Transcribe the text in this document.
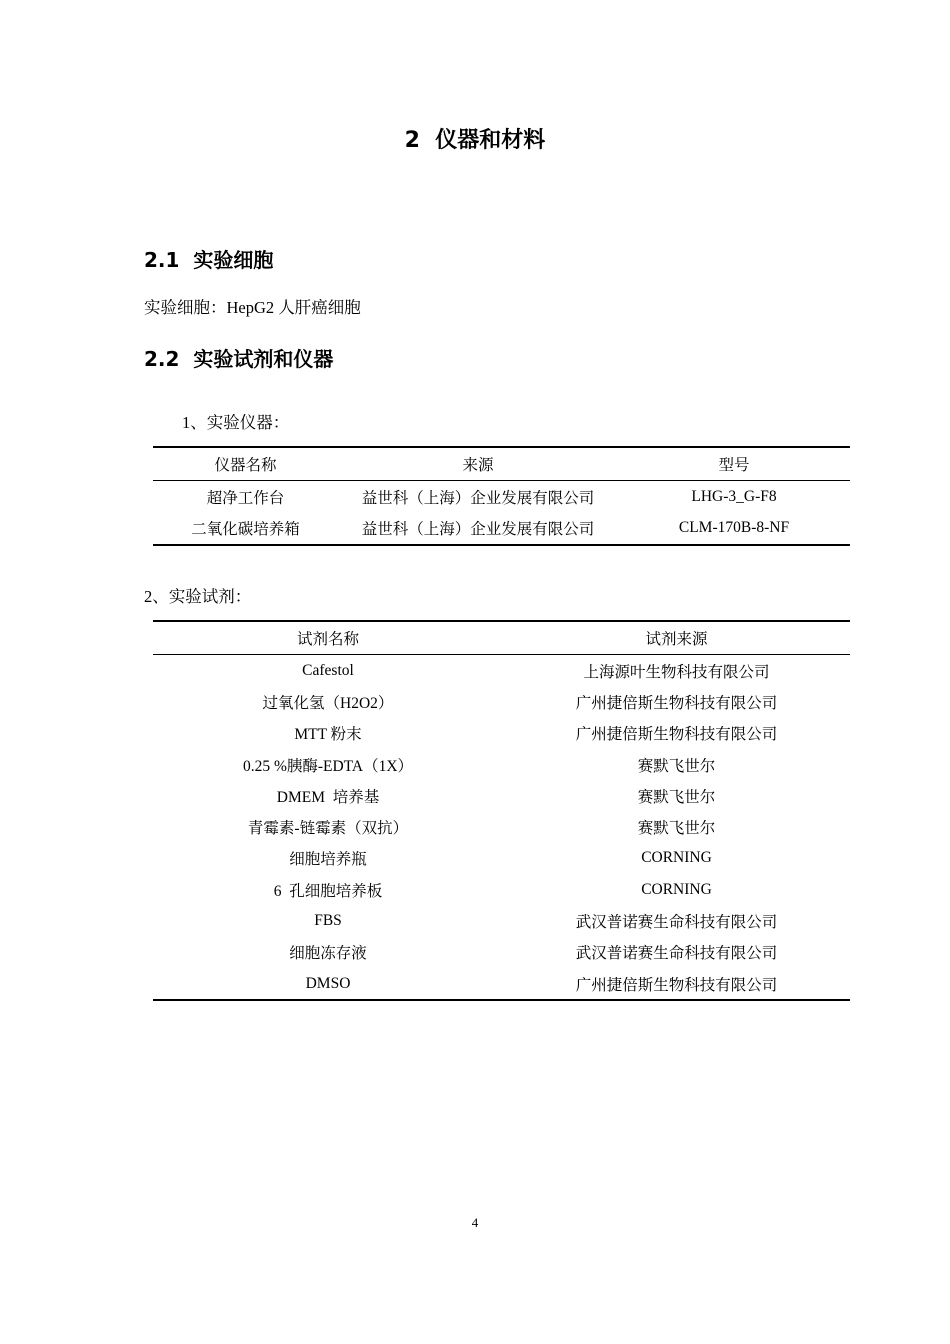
2  仪器和材料
2.1  实验细胞
实验细胞：HepG2 人肝癌细胞
2.2  实验试剂和仪器
1、实验仪器：
仪器名称	来源	型号
超净工作台	益世科（上海）企业发展有限公司	LHG-3_G-F8
二氧化碳培养箱	益世科（上海）企业发展有限公司	CLM-170B-8-NF
2、实验试剂：
试剂名称	试剂来源
Cafestol	上海源叶生物科技有限公司
过氧化氢（H2O2）	广州捷倍斯生物科技有限公司
MTT 粉末	广州捷倍斯生物科技有限公司
0.25 %胰酶-EDTA（1X）	赛默飞世尔
DMEM  培养基	赛默飞世尔
青霉素-链霉素（双抗）	赛默飞世尔
细胞培养瓶	CORNING
6  孔细胞培养板	CORNING
FBS	武汉普诺赛生命科技有限公司
细胞冻存液	武汉普诺赛生命科技有限公司
DMSO	广州捷倍斯生物科技有限公司
4
